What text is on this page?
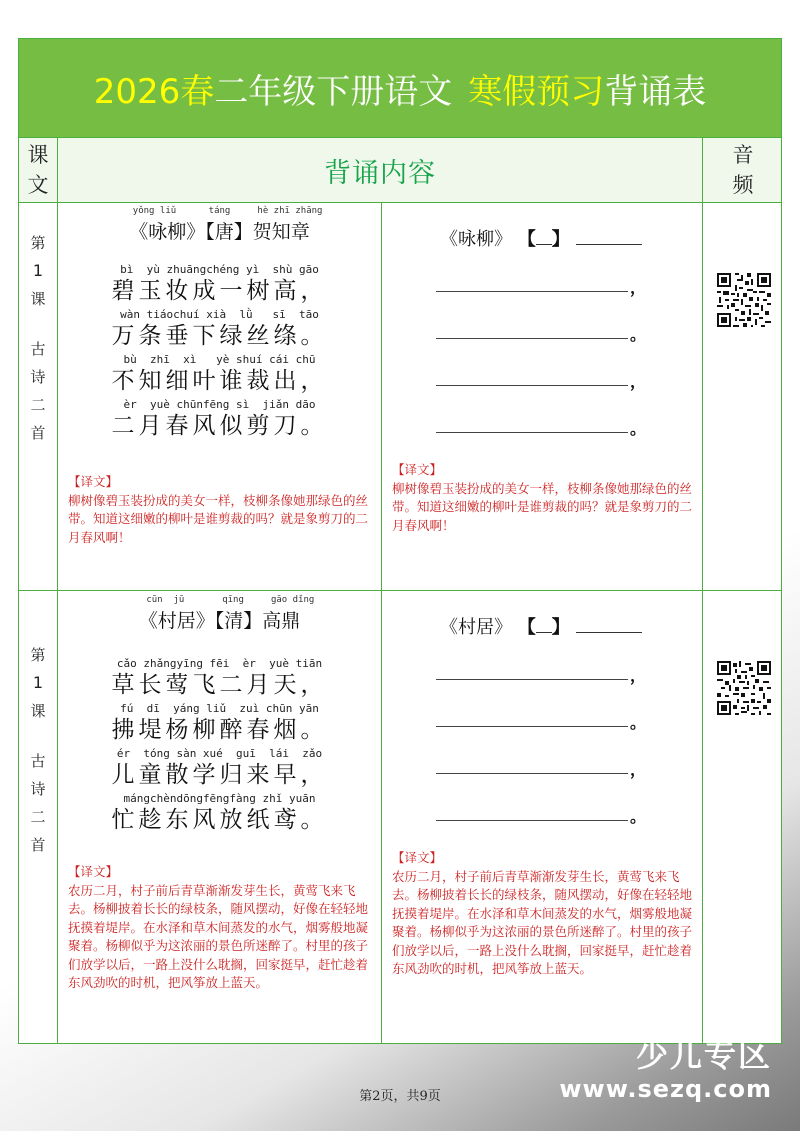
2026春 二年级下册语文 寒假预习 背诵表
课
文	背诵内容
音
频
第
1
课
古
诗
二
首
yǒng liǔ      táng     hè zhī zhāng
《咏柳》【唐】贺知章
bì  yù zhuāngchéng yì  shù gāo
碧玉妆成一树高，
wàn tiáochuí xià  lǜ   sī  tāo
万条垂下绿丝绦。
bù  zhī  xì   yè shuí cái chū
不知细叶谁裁出，
èr  yuè chūnfēng sì  jiǎn dāo
二月春风似剪刀。
【译文】
柳树像碧玉装扮成的美女一样，枝柳条像她那绿色的丝带。知道这细嫩的柳叶是谁剪裁的吗？就是象剪刀的二月春风啊！
《咏柳》 【 】
，
。
，
。
【译文】
柳树像碧玉装扮成的美女一样，枝柳条像她那绿色的丝带。知道这细嫩的柳叶是谁剪裁的吗？就是象剪刀的二月春风啊！
第
1
课
古
诗
二
首
cūn  jū       qīng     gāo dǐng
《村居》【清】高鼎
cǎo zhǎngyīng fēi  èr  yuè tiān
草长莺飞二月天，
fú  dī  yáng liǔ  zuì chūn yān
拂堤杨柳醉春烟。
ér  tóng sàn xué  guī  lái  zǎo
儿童散学归来早，
mángchèndōngfēngfàng zhǐ yuān
忙趁东风放纸鸢。
【译文】
农历二月，村子前后青草渐渐发芽生长，黄莺飞来飞去。杨柳披着长长的绿枝条，随风摆动，好像在轻轻地抚摸着堤岸。在水泽和草木间蒸发的水气，烟雾般地凝聚着。杨柳似乎为这浓丽的景色所迷醉了。村里的孩子们放学以后，一路上没什么耽搁，回家挺早，赶忙趁着东风劲吹的时机，把风筝放上蓝天。
《村居》 【 】
，
。
，
。
【译文】
农历二月，村子前后青草渐渐发芽生长，黄莺飞来飞去。杨柳披着长长的绿枝条，随风摆动，好像在轻轻地抚摸着堤岸。在水泽和草木间蒸发的水气，烟雾般地凝聚着。杨柳似乎为这浓丽的景色所迷醉了。村里的孩子们放学以后，一路上没什么耽搁，回家挺早，赶忙趁着东风劲吹的时机，把风筝放上蓝天。
第2页，共9页
少儿专区
www.sezq.com
